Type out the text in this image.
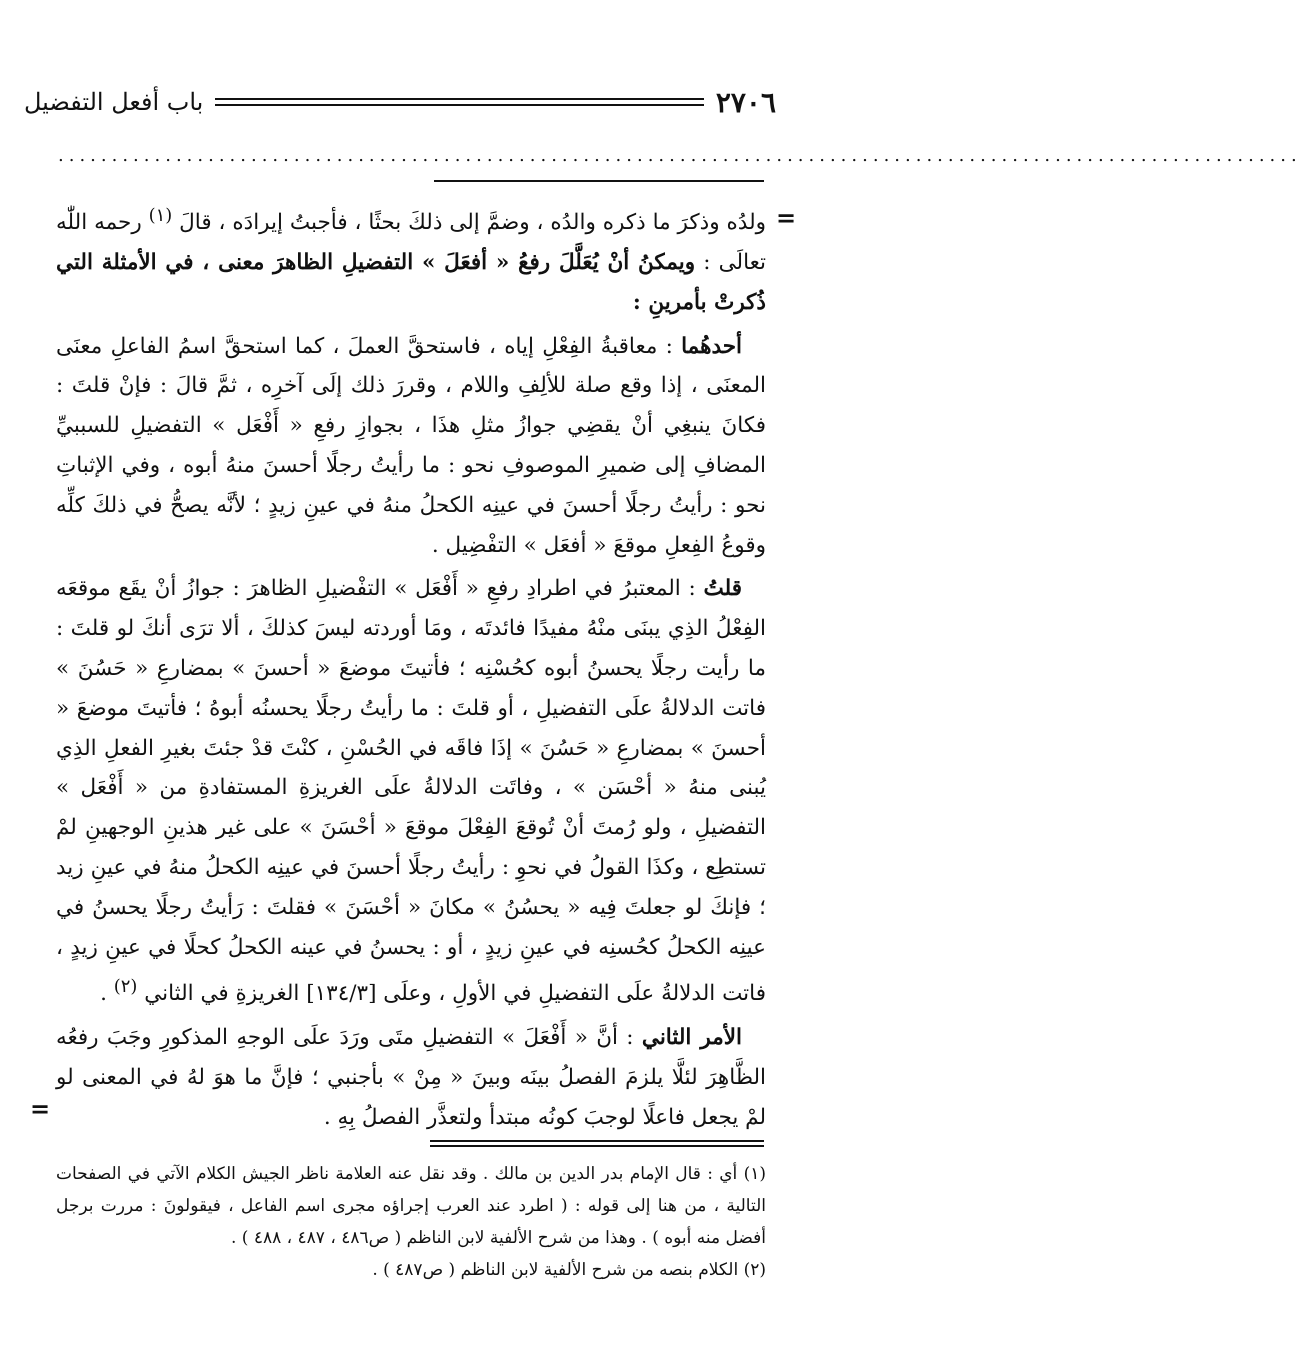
٢٧٠٦
باب أفعل التفضيل
....................................................................................................................
=

ولدُه وذكرَ ما ذكره والدُه ، وضمَّ إلى ذلكَ بحثًا ، فأجبتُ إيرادَه ، قالَ $^{(١)}$ رحمه اللّٰه تعالَى : ويمكنُ أنْ يُعَلَّلَ رفعُ « أفعَلَ » التفضيلِ الظاهرَ معنى ، في الأمثلة التي ذُكرتْ بأمرينِ :

أحدهُما : معاقبةُ الفِعْلِ إياه ، فاستحقَّ العملَ ، كما استحقَّ اسمُ الفاعلِ معنَى المعنَى ، إذا وقع صلة للألِفِ واللام ، وقررَ ذلك إلَى آخرِه ، ثمَّ قالَ : فإنْ قلتَ : فكانَ ينبغِي أنْ يقضِي جوازُ مثلِ هذَا ، بجوازِ رفعِ « أَفْعَل » التفضيلِ للسببيِّ المضافِ إلى ضميرِ الموصوفِ نحو : ما رأيتُ رجلًا أحسنَ منهُ أبوه ، وفي الإثباتِ نحو : رأيتُ رجلًا أحسنَ في عينِه الكحلُ منهُ في عينِ زيدٍ ؛ لأنَّه يصحُّ في ذلكَ كلِّه وقوعُ الفِعلِ موقعَ « أفعَل » التفْضِيل .

قلتُ : المعتبرُ في اطرادِ رفعِ « أَفْعَل » التفْضيلِ الظاهرَ : جوازُ أنْ يقَع موقعَه الفِعْلُ الذِي يبنَى منْهُ مفيدًا فائدتَه ، ومَا أوردته ليسَ كذلكَ ، ألا ترَى أنكَ لو قلتَ : ما رأيت رجلًا يحسنُ أبوه كحُسْنِه ؛ فأتيتَ موضعَ « أحسنَ » بمضارعِ « حَسُنَ » فاتت الدلالةُ علَى التفضيلِ ، أو قلتَ : ما رأيتُ رجلًا يحسنُه أبوهُ ؛ فأتيتَ موضعَ « أحسنَ » بمضارعِ « حَسُنَ » إذَا فاقَه في الحُسْنِ ، كنْتَ قدْ جئتَ بغيرِ الفعلِ الذِي يُبنى منهُ « أحْسَن » ، وفاتَت الدلالةُ علَى الغريزةِ المستفادةِ من « أَفْعَل » التفضيلِ ، ولو رُمتَ أنْ تُوقعَ الفِعْلَ موقعَ « أحْسَنَ » على غير هذينِ الوجهينِ لمْ تستطِع ، وكذَا القولُ في نحوِ : رأيتُ رجلًا أحسنَ في عينِه الكحلُ منهُ في عينِ زيد ؛ فإنكَ لو جعلتَ فِيه « يحسُنُ » مكانَ « أحْسَنَ » فقلتَ : رَأيتُ رجلًا يحسنُ في عينِه الكحلُ كحُسنِه في عينِ زيدٍ ، أو : يحسنُ في عينه الكحلُ كحلًا في عينِ زيدٍ ، فاتت الدلالةُ علَى التفضيلِ في الأولِ ، وعلَى [١٣٤/٣] الغريزةِ في الثاني $^{(٢)}$ .

الأمر الثاني : أنَّ « أَفْعَلَ » التفضيلِ متَى ورَدَ علَى الوجهِ المذكورِ وجَبَ رفعُه الظَّاهِرَ لئلَّا يلزمَ الفصلُ بينَه وبينَ « مِنْ » بأجنبي ؛ فإنَّ ما هوَ لهُ في المعنى لو لمْ يجعل فاعلًا لوجبَ كونُه مبتدأ ولتعذَّر الفصلُ بِهِ .

=

(١) أي : قال الإمام بدر الدين بن مالك . وقد نقل عنه العلامة ناظر الجيش الكلام الآتي في الصفحات التالية ، من هنا إلى قوله : ( اطرد عند العرب إجراؤه مجرى اسم الفاعل ، فيقولونَ : مررت برجل أفضل منه أبوه ) . وهذا من شرح الألفية لابن الناظم ( ص٤٨٦ ، ٤٨٧ ، ٤٨٨ ) .

(٢) الكلام بنصه من شرح الألفية لابن الناظم ( ص٤٨٧ ) .
